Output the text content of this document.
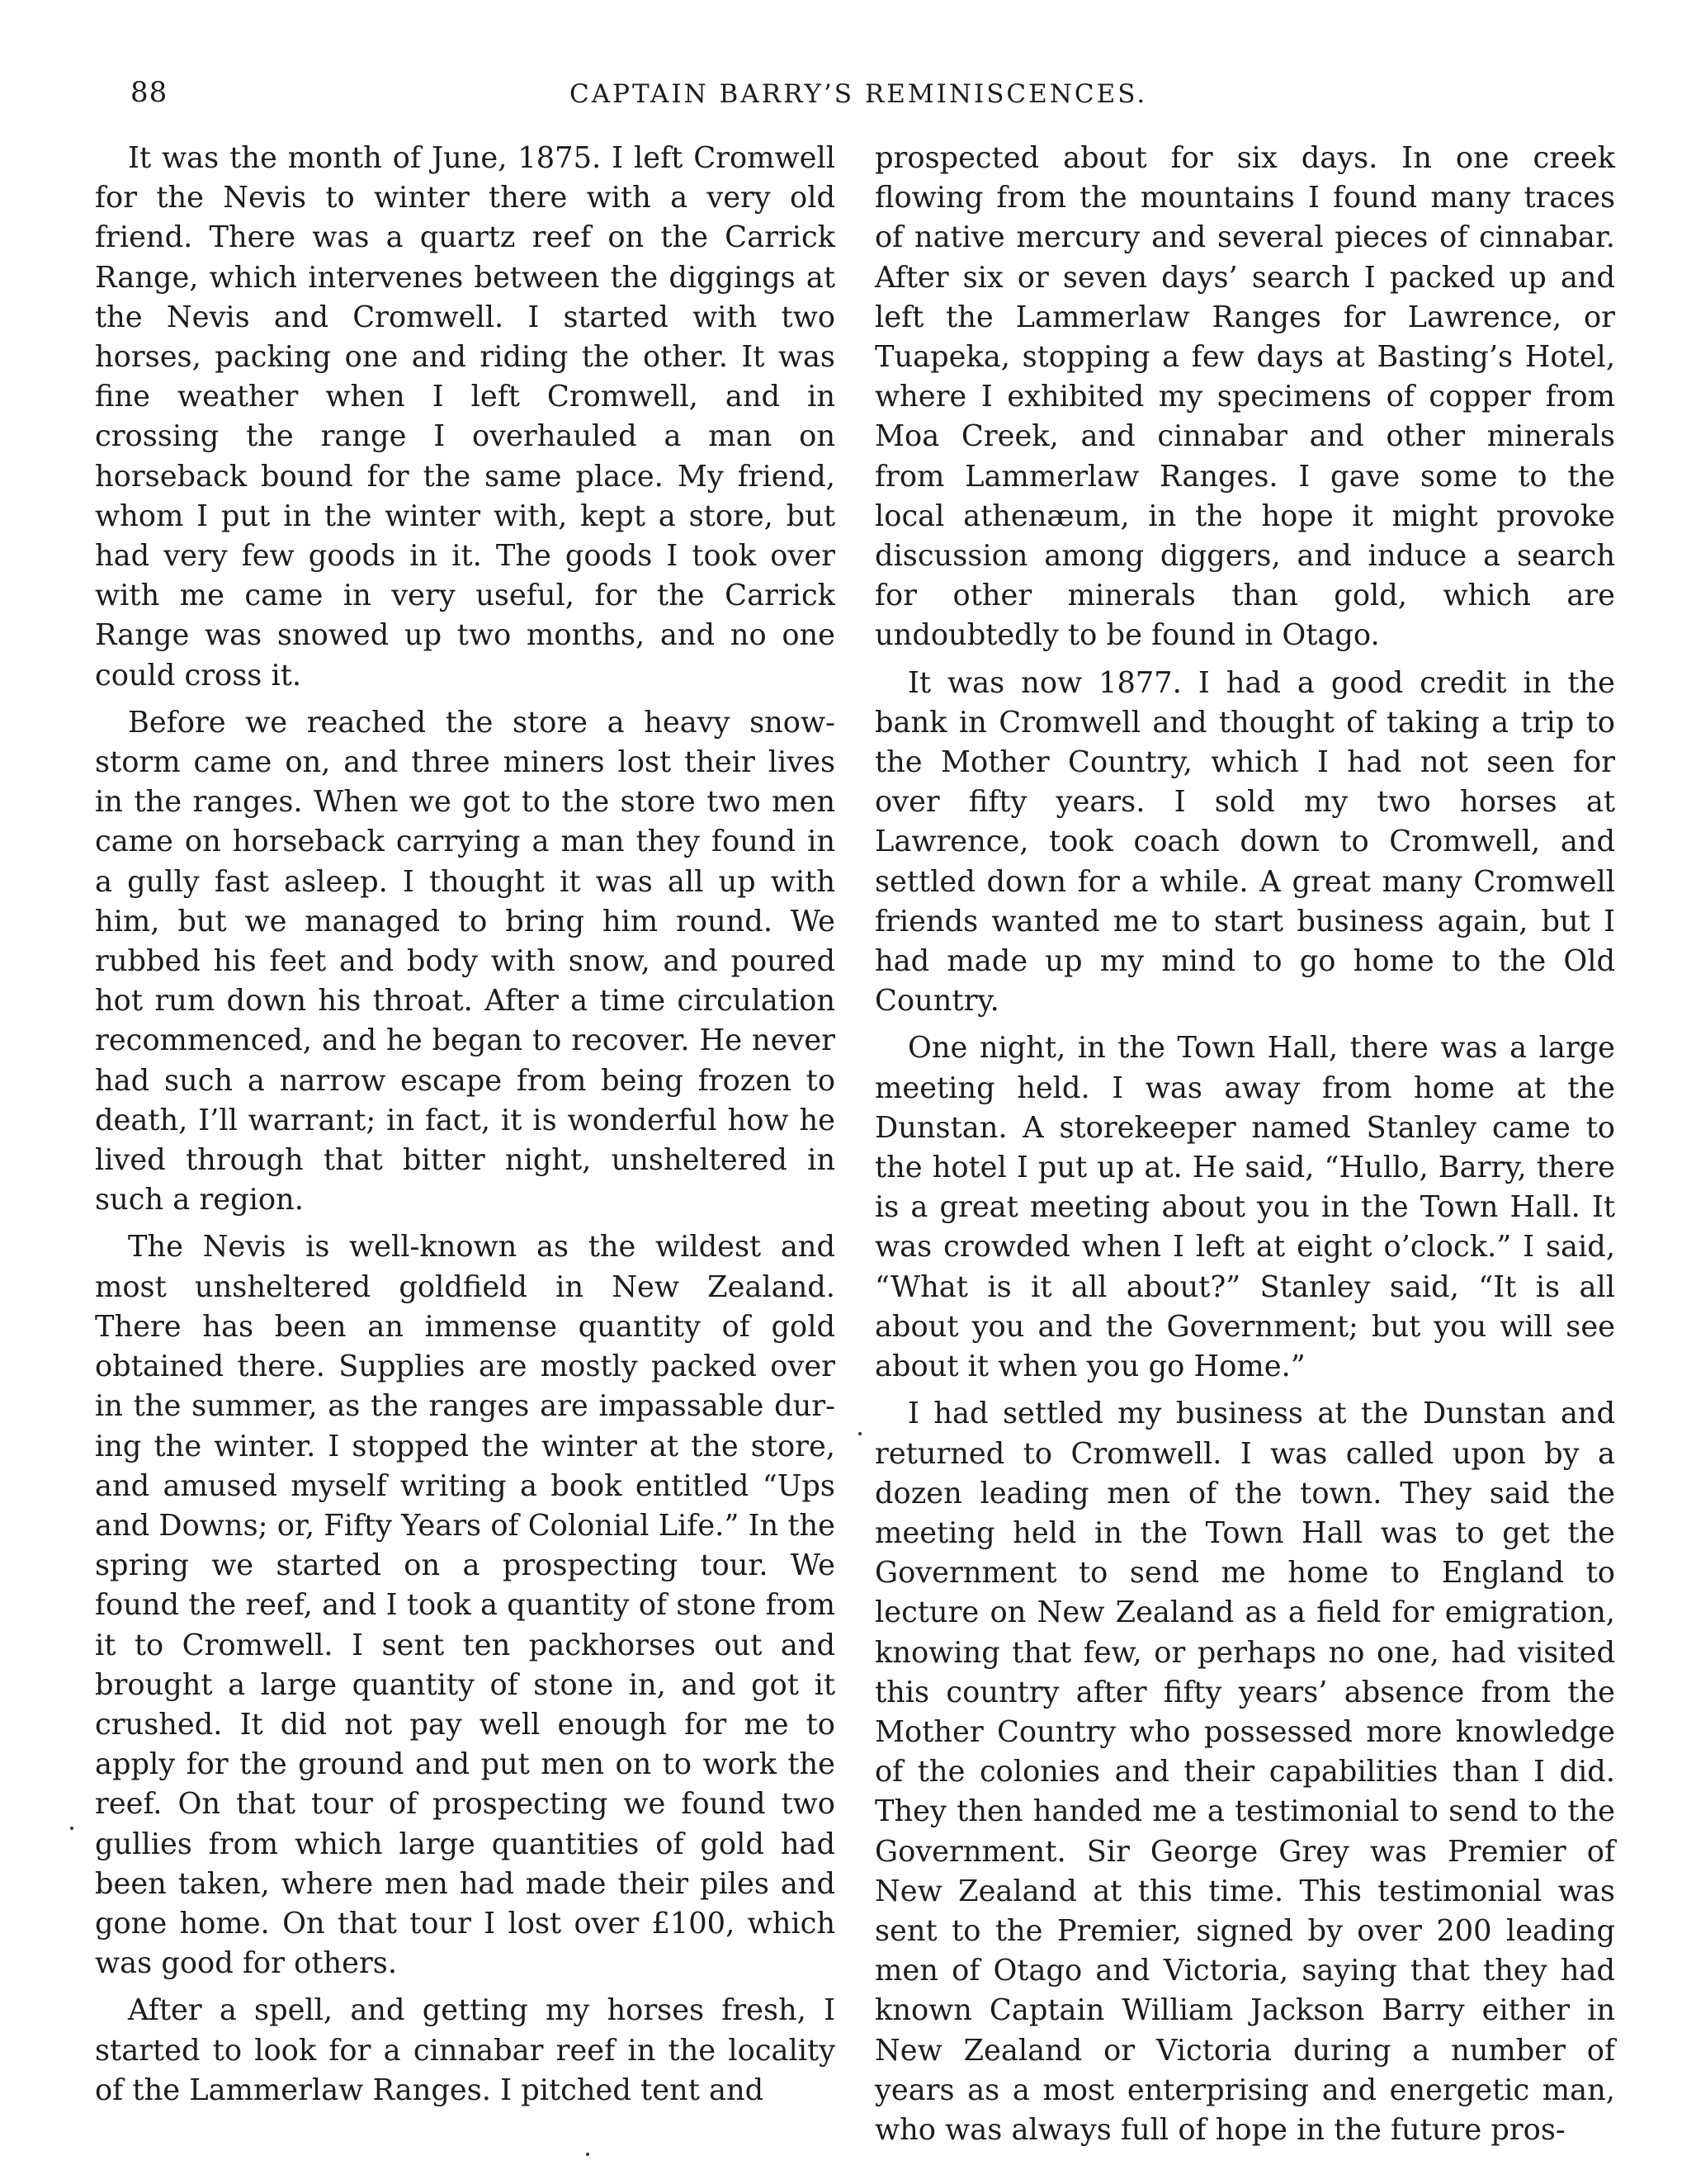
88	CAPTAIN BARRY’S REMINISCENCES.

It was the month of June, 1875. I left Cromwell for the Nevis to winter there with a very old friend. There was a quartz reef on the Carrick Range, which intervenes between the diggings at the Nevis and Cromwell. I started with two horses, packing one and riding the other. It was fine weather when I left Cromwell, and in crossing the range I overhauled a man on horseback bound for the same place. My friend, whom I put in the winter with, kept a store, but had very few goods in it. The goods I took over with me came in very useful, for the Carrick Range was snowed up two months, and no one could cross it.

Before we reached the store a heavy snowstorm came on, and three miners lost their lives in the ranges. When we got to the store two men came on horseback carrying a man they found in a gully fast asleep. I thought it was all up with him, but we managed to bring him round. We rubbed his feet and body with snow, and poured hot rum down his throat. After a time circulation recommenced, and he began to recover. He never had such a narrow escape from being frozen to death, I’ll warrant; in fact, it is wonderful how he lived through that bitter night, unsheltered in such a region.

The Nevis is well-known as the wildest and most unsheltered goldfield in New Zealand. There has been an immense quantity of gold obtained there. Supplies are mostly packed over in the summer, as the ranges are impassable during the winter. I stopped the winter at the store, and amused myself writing a book entitled “Ups and Downs; or, Fifty Years of Colonial Life.” In the spring we started on a prospecting tour. We found the reef, and I took a quantity of stone from it to Cromwell. I sent ten packhorses out and brought a large quantity of stone in, and got it crushed. It did not pay well enough for me to apply for the ground and put men on to work the reef. On that tour of prospecting we found two gullies from which large quantities of gold had been taken, where men had made their piles and gone home. On that tour I lost over £100, which was good for others.

After a spell, and getting my horses fresh, I started to look for a cinnabar reef in the locality of the Lammerlaw Ranges. I pitched tent and

prospected about for six days. In one creek flowing from the mountains I found many traces of native mercury and several pieces of cinnabar. After six or seven days’ search I packed up and left the Lammerlaw Ranges for Lawrence, or Tuapeka, stopping a few days at Basting’s Hotel, where I exhibited my specimens of copper from Moa Creek, and cinnabar and other minerals from Lammerlaw Ranges. I gave some to the local athenæum, in the hope it might provoke discussion among diggers, and induce a search for other minerals than gold, which are undoubtedly to be found in Otago.

It was now 1877. I had a good credit in the bank in Cromwell and thought of taking a trip to the Mother Country, which I had not seen for over fifty years. I sold my two horses at Lawrence, took coach down to Cromwell, and settled down for a while. A great many Cromwell friends wanted me to start business again, but I had made up my mind to go home to the Old Country.

One night, in the Town Hall, there was a large meeting held. I was away from home at the Dunstan. A storekeeper named Stanley came to the hotel I put up at. He said, “Hullo, Barry, there is a great meeting about you in the Town Hall. It was crowded when I left at eight o’clock.” I said, “What is it all about?” Stanley said, “It is all about you and the Government; but you will see about it when you go Home.”

I had settled my business at the Dunstan and returned to Cromwell. I was called upon by a dozen leading men of the town. They said the meeting held in the Town Hall was to get the Government to send me home to England to lecture on New Zealand as a field for emigration, knowing that few, or perhaps no one, had visited this country after fifty years’ absence from the Mother Country who possessed more knowledge of the colonies and their capabilities than I did. They then handed me a testimonial to send to the Government. Sir George Grey was Premier of New Zealand at this time. This testimonial was sent to the Premier, signed by over 200 leading men of Otago and Victoria, saying that they had known Captain William Jackson Barry either in New Zealand or Victoria during a number of years as a most enterprising and energetic man, who was always full of hope in the future pros-
